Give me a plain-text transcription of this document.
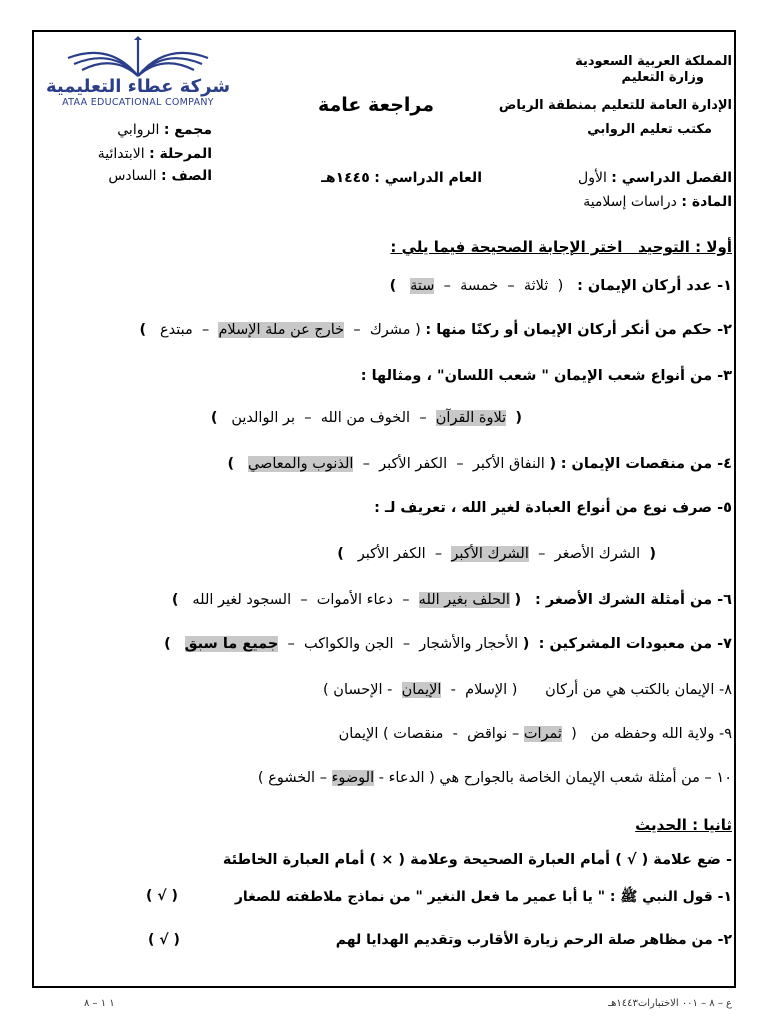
شركة عطاء التعليمية
ATAA EDUCATIONAL COMPANY
المملكة العربية السعودية
وزارة التعليم
الإدارة العامة للتعليم بمنطقة الرياض
مكتب تعليم الروابي
مراجعة عامة
مجمع : الروابي
المرحلة : الابتدائية
الصف : السادس	الفصل الدراسي : الأول
العام الدراسي : ١٤٤٥هـ
المادة : دراسات إسلامية
أولا : التوحيد   اختر الإجابة الصحيحة فيما يلي :
١- عدد أركان الإيمان :   (  ثلاثة  –  خمسة  –  ستة   )
٢- حكم من أنكر أركان الإيمان أو ركنًا منها : ( مشرك  –  خارج عن ملة الإسلام  –  مبتدع   )
٣- من أنواع شعب الإيمان " شعب اللسان" ، ومثالها :
(  تلاوة القرآن  –  الخوف من الله  –  بر الوالدين   )
٤- من منقصات الإيمان : ( النفاق الأكبر  –  الكفر الأكبر  –  الذنوب والمعاصي   )
٥- صرف نوع من أنواع العبادة لغير الله ، تعريف لـ :
(  الشرك الأصغر  –  الشرك الأكبر  –  الكفر الأكبر   )
٦- من أمثلة الشرك الأصغر :   ( الحلف بغير الله  –  دعاء الأموات  –  السجود لغير الله   )
٧- من معبودات المشركين :  ( الأحجار والأشجار  –  الجن والكواكب  –  جميع ما سبق   )
٨- الإيمان بالكتب هي من أركان      ( الإسلام  -  الإيمان  - الإحسان )
٩- ولاية الله وحفظه من   (  ثمرات – نواقض  -  منقصات ) الإيمان
١٠ – من أمثلة شعب الإيمان الخاصة بالجوارح هي ( الدعاء - الوضوء – الخشوع )
ثانيا : الحديث
- ضع علامة ( √ ) أمام العبارة الصحيحة وعلامة ( × ) أمام العبارة الخاطئة
١- قول النبي ﷺ : " يا أبا عمير ما فعل النغير " من نماذج ملاطفته للصغار
( √ )
٢- من مظاهر صلة الرحم زيارة الأقارب وتقديم الهدايا لهم
( √ )
ع – ٨ – ٠٠١ الاختبارات١٤٤٣هـ
١ ١ – ٨
